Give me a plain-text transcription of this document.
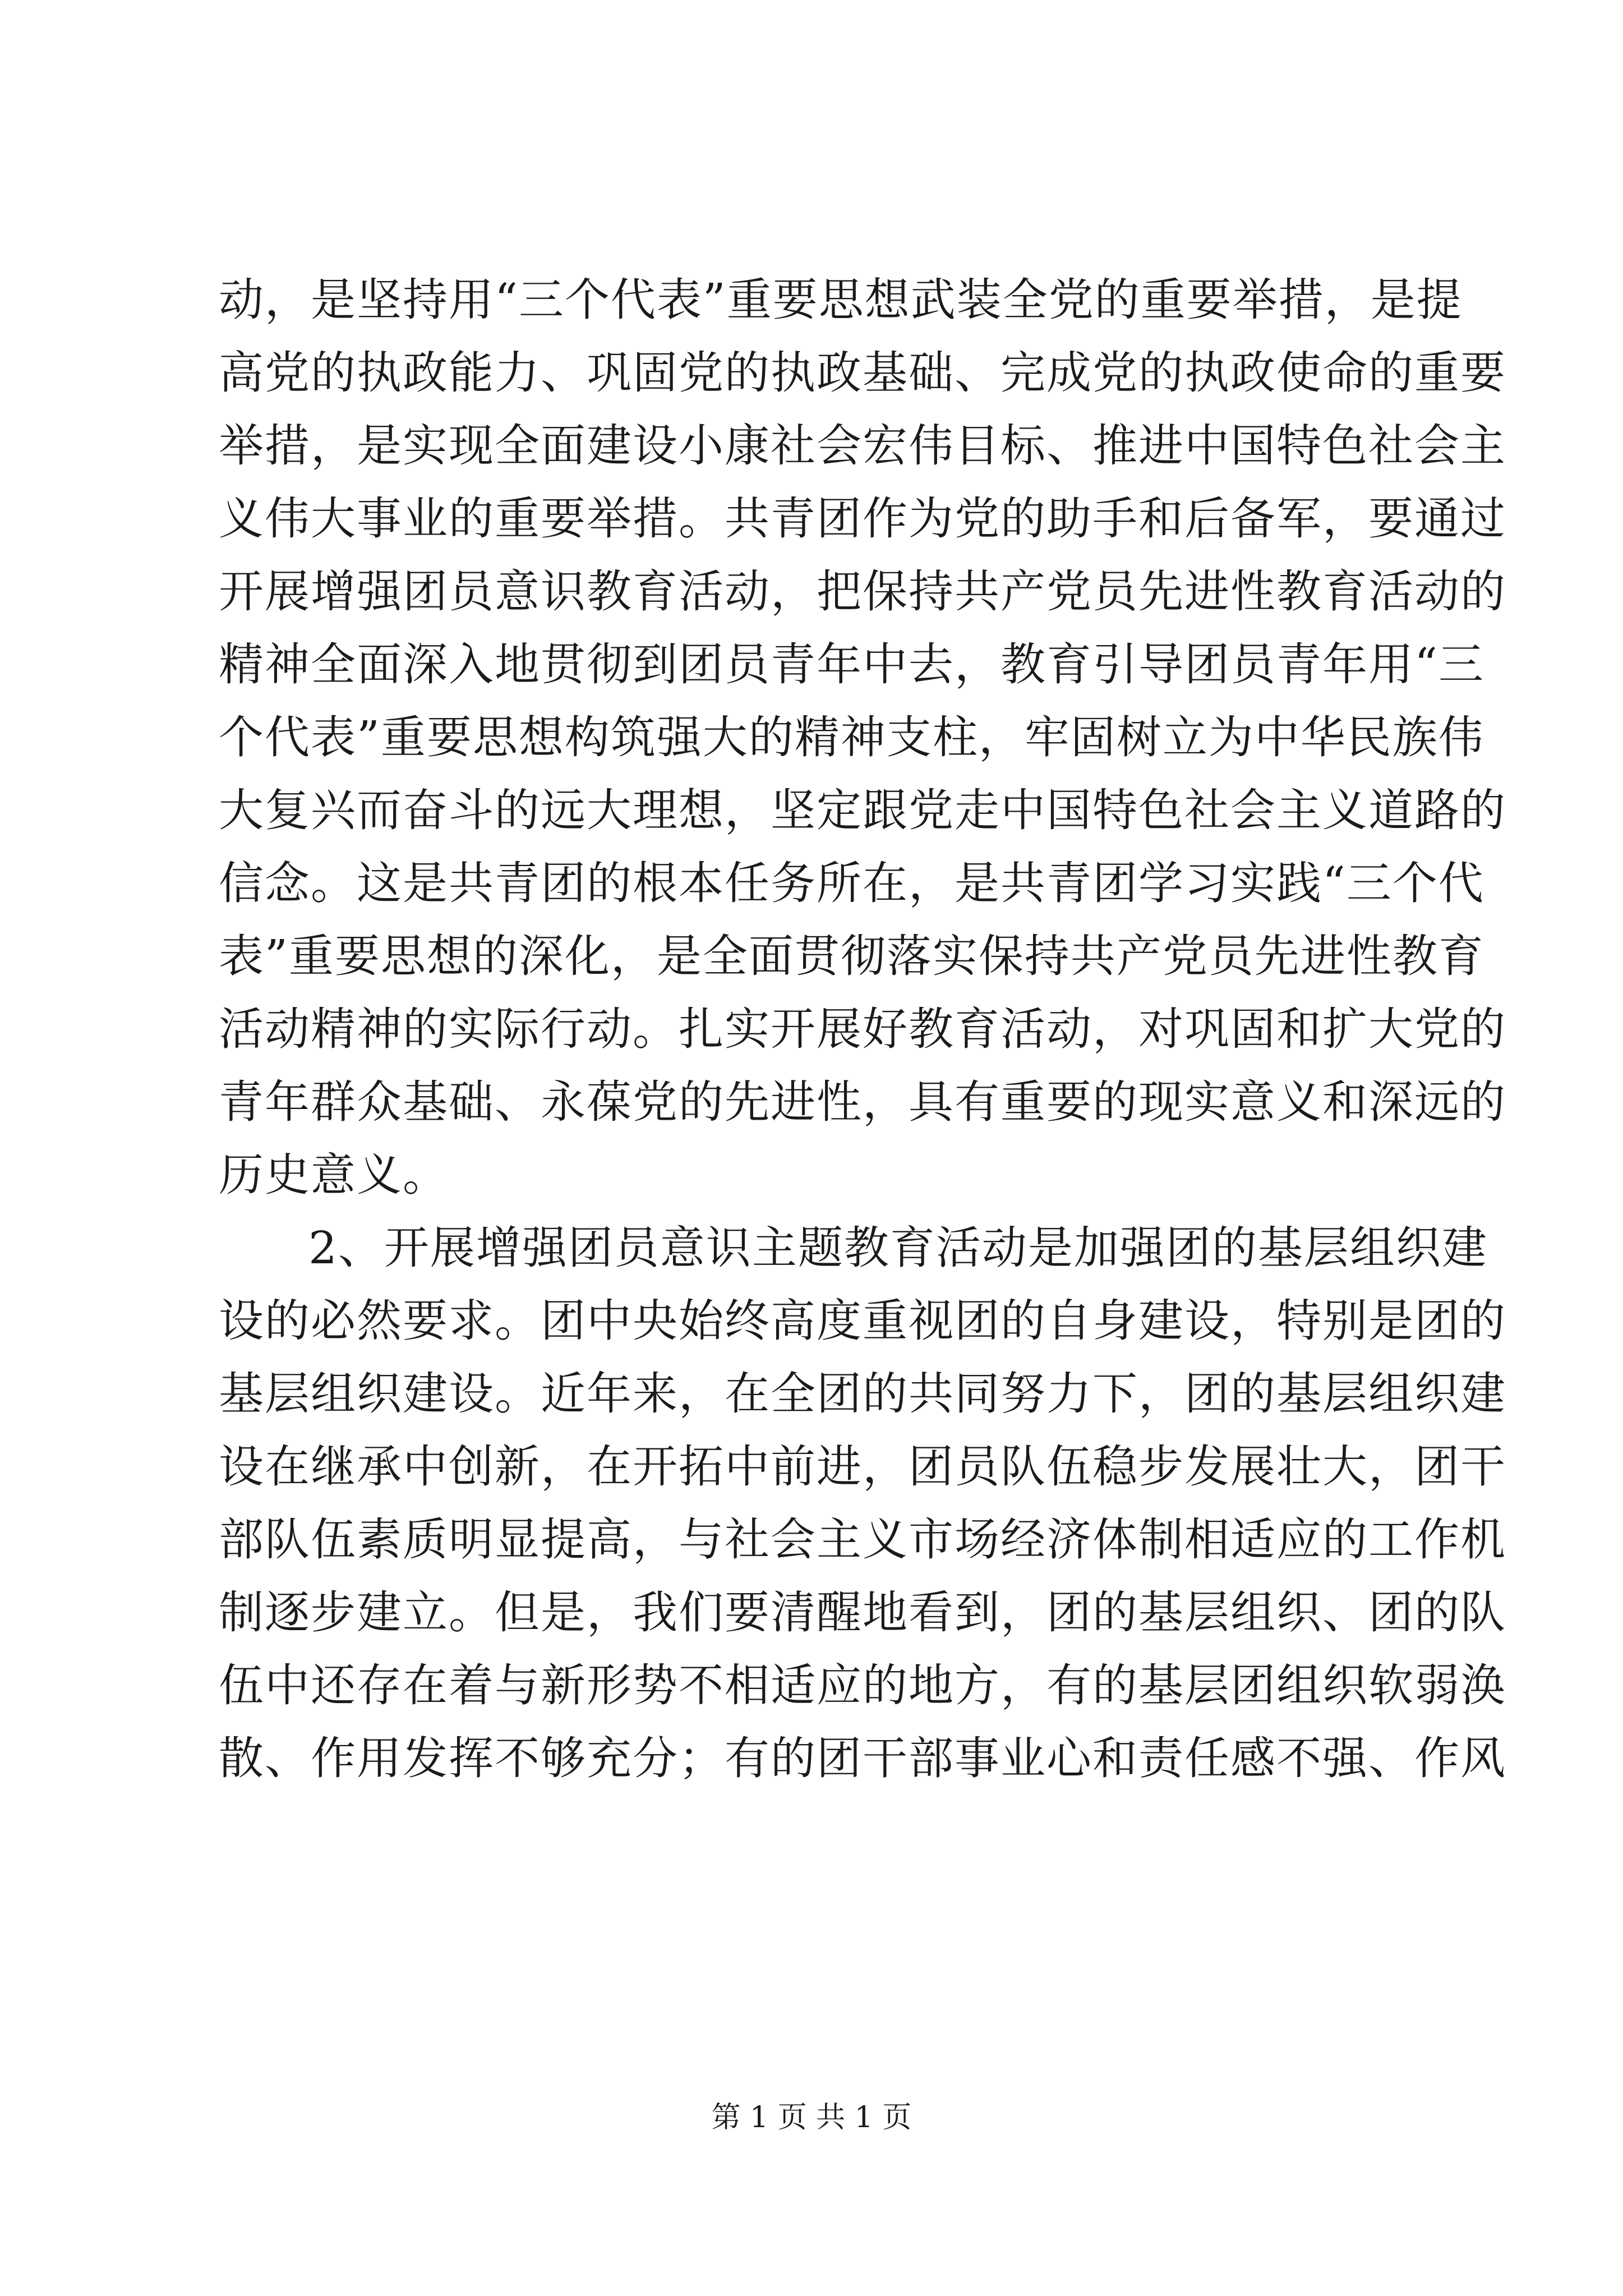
动，是坚持用“三个代表”重要思想武装全党的重要举措，是提
高党的执政能力、巩固党的执政基础、完成党的执政使命的重要
举措，是实现全面建设小康社会宏伟目标、推进中国特色社会主
义伟大事业的重要举措。共青团作为党的助手和后备军，要通过
开展增强团员意识教育活动，把保持共产党员先进性教育活动的
精神全面深入地贯彻到团员青年中去，教育引导团员青年用“三
个代表”重要思想构筑强大的精神支柱，牢固树立为中华民族伟
大复兴而奋斗的远大理想，坚定跟党走中国特色社会主义道路的
信念。这是共青团的根本任务所在，是共青团学习实践“三个代
表”重要思想的深化，是全面贯彻落实保持共产党员先进性教育
活动精神的实际行动。扎实开展好教育活动，对巩固和扩大党的
青年群众基础、永葆党的先进性，具有重要的现实意义和深远的
历史意义。
2、开展增强团员意识主题教育活动是加强团的基层组织建
设的必然要求。团中央始终高度重视团的自身建设，特别是团的
基层组织建设。近年来，在全团的共同努力下，团的基层组织建
设在继承中创新，在开拓中前进，团员队伍稳步发展壮大，团干
部队伍素质明显提高，与社会主义市场经济体制相适应的工作机
制逐步建立。但是，我们要清醒地看到，团的基层组织、团的队
伍中还存在着与新形势不相适应的地方，有的基层团组织软弱涣
散、作用发挥不够充分；有的团干部事业心和责任感不强、作风
第 1 页 共 1 页
